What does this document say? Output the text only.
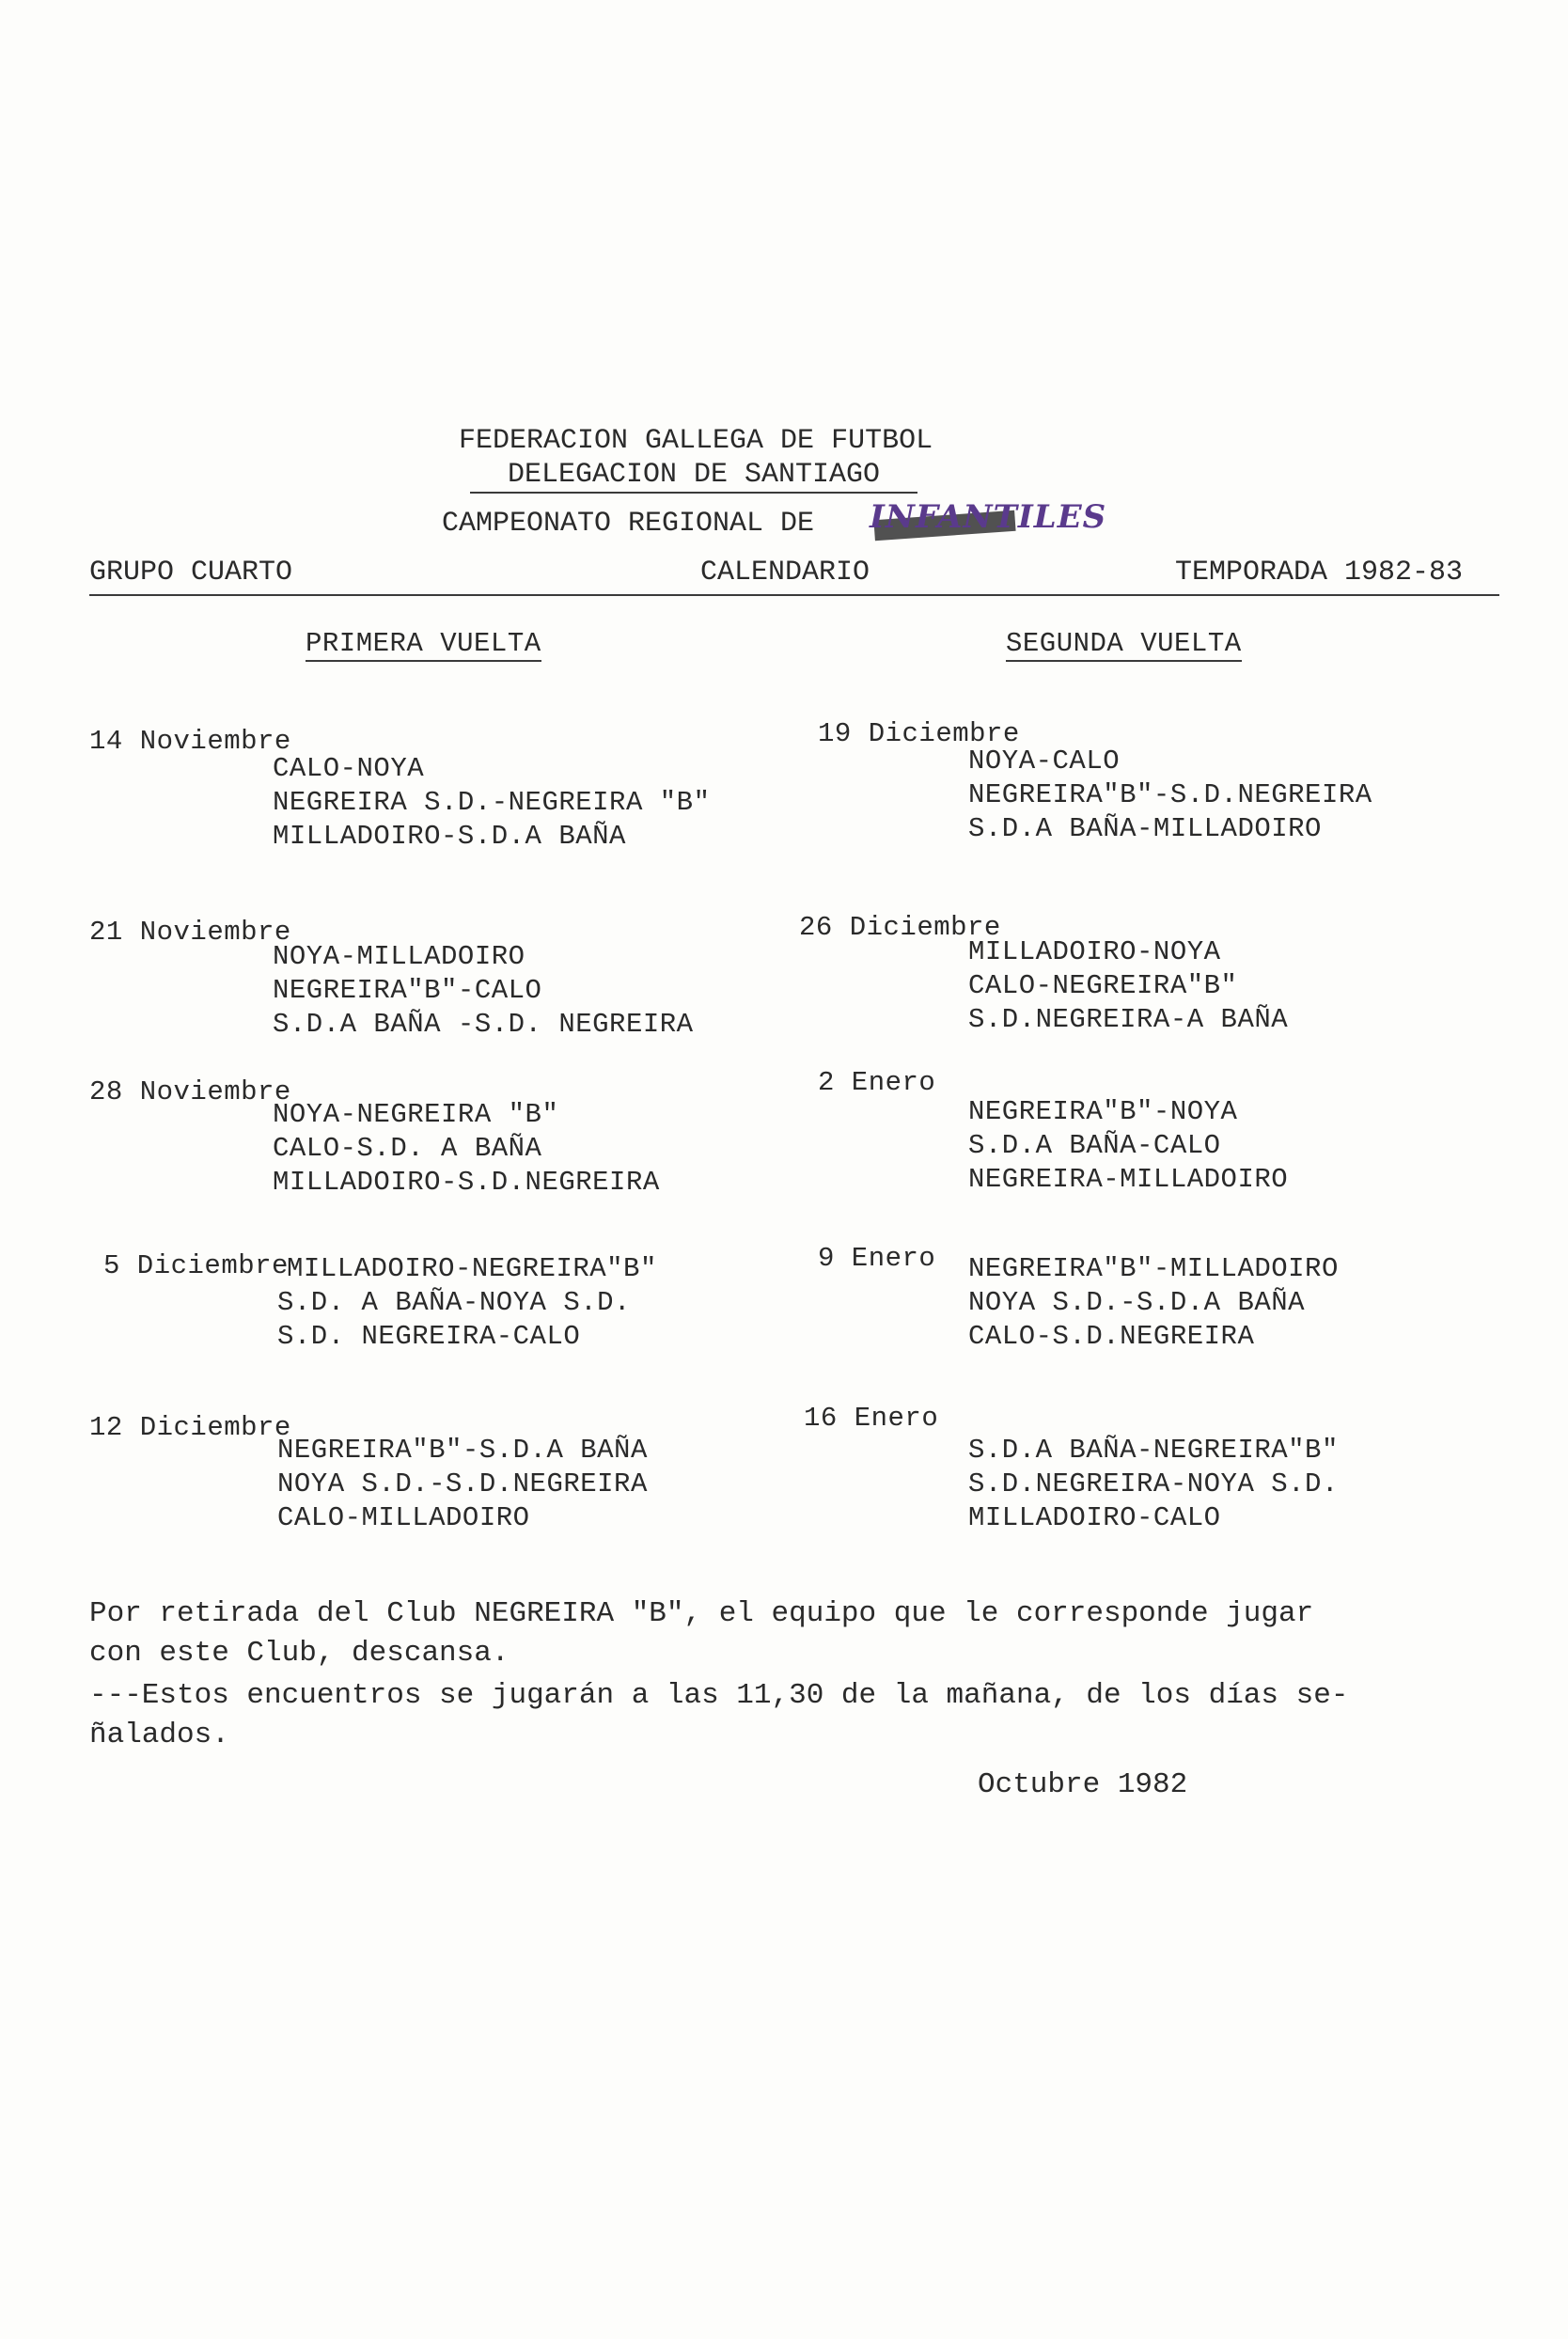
FEDERACION GALLEGA DE FUTBOL
DELEGACION DE SANTIAGO
CAMPEONATO REGIONAL DE INFANTILES
GRUPO CUARTO	CALENDARIO	TEMPORADA 1982-83
PRIMERA VUELTA	SEGUNDA VUELTA
14 Noviembre
CALO-NOYA
NEGREIRA S.D.-NEGREIRA "B"
MILLADOIRO-S.D.A BAÑA
21 Noviembre
NOYA-MILLADOIRO
NEGREIRA"B"-CALO
S.D.A BAÑA -S.D. NEGREIRA
28 Noviembre
NOYA-NEGREIRA "B"
CALO-S.D. A BAÑA
MILLADOIRO-S.D.NEGREIRA
5 Diciembre
MILLADOIRO-NEGREIRA"B"
S.D. A BAÑA-NOYA S.D.
S.D. NEGREIRA-CALO
12 Diciembre
NEGREIRA"B"-S.D.A BAÑA
NOYA S.D.-S.D.NEGREIRA
CALO-MILLADOIRO
19 Diciembre
NOYA-CALO
NEGREIRA"B"-S.D.NEGREIRA
S.D.A BAÑA-MILLADOIRO
26 Diciembre
MILLADOIRO-NOYA
CALO-NEGREIRA"B"
S.D.NEGREIRA-A BAÑA
2 Enero
NEGREIRA"B"-NOYA
S.D.A BAÑA-CALO
NEGREIRA-MILLADOIRO
9 Enero NEGREIRA"B"-MILLADOIRO
NOYA S.D.-S.D.A BAÑA
CALO-S.D.NEGREIRA
16 Enero
S.D.A BAÑA-NEGREIRA"B"
S.D.NEGREIRA-NOYA S.D.
MILLADOIRO-CALO
Por retirada del Club NEGREIRA "B", el equipo que le corresponde jugar
con este Club, descansa.
---Estos encuentros se jugarán a las 11,30 de la mañana, de los días se-
ñalados.
Octubre 1982
